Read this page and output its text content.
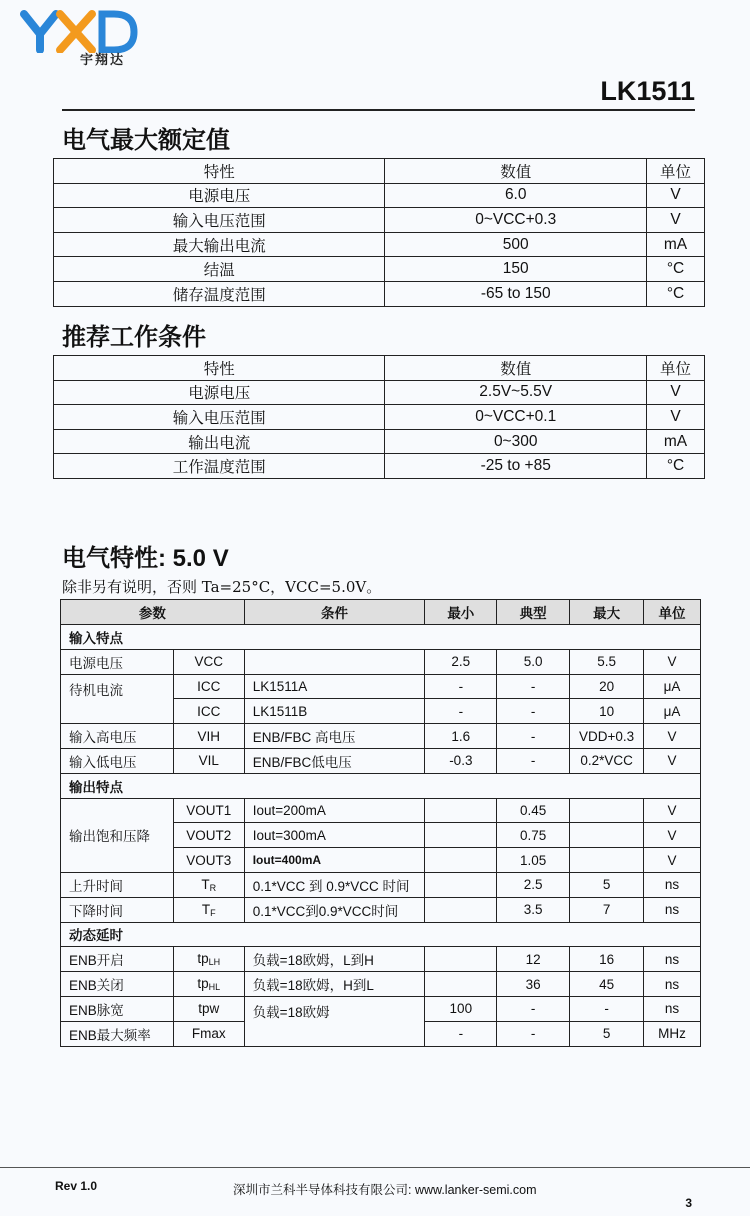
宇翔达
LK1511
电气最大额定值
特性	数值	单位
电源电压	6.0	V
输入电压范围	0~VCC+0.3	V
最大输出电流	500	mA
结温	150	°C
储存温度范围	-65 to 150	°C
推荐工作条件
特性	数值	单位
电源电压	2.5V~5.5V	V
输入电压范围	0~VCC+0.1	V
输出电流	0~300	mA
工作温度范围	-25 to +85	°C
电气特性: 5.0 V
除非另有说明，否则 Ta=25°C，VCC=5.0V。
参数		条件	最小	典型	最大	单位
输入特点						
电源电压	VCC		2.5	5.0	5.5	V
待机电流	ICC	LK1511A	-	-	20	μA
	ICC	LK1511B	-	-	10	μA
输入高电压	VIH	ENB/FBC 高电压	1.6	-	VDD+0.3	V
输入低电压	VIL	ENB/FBC低电压	-0.3	-	0.2*VCC	V
输出特点						
输出饱和压降	VOUT1	Iout=200mA		0.45		V
	VOUT2	Iout=300mA		0.75		V
	VOUT3	Iout=400mA		1.05		V
上升时间	$T_R$	0.1*VCC 到 0.9*VCC 时间		2.5	5	ns
下降时间	$T_F$	0.1*VCC到0.9*VCC时间		3.5	7	ns
动态延时						
ENB开启	$tp_{LH}$	负载=18欧姆，L到H		12	16	ns
ENB关闭	$tp_{HL}$	负载=18欧姆，H到L		36	45	ns
ENB脉宽	tpw	负载=18欧姆	100	-	-	ns
ENB最大频率	Fmax		-	-	5	MHz
Rev 1.0	深圳市兰科半导体科技有限公司: www.lanker-semi.com
3
